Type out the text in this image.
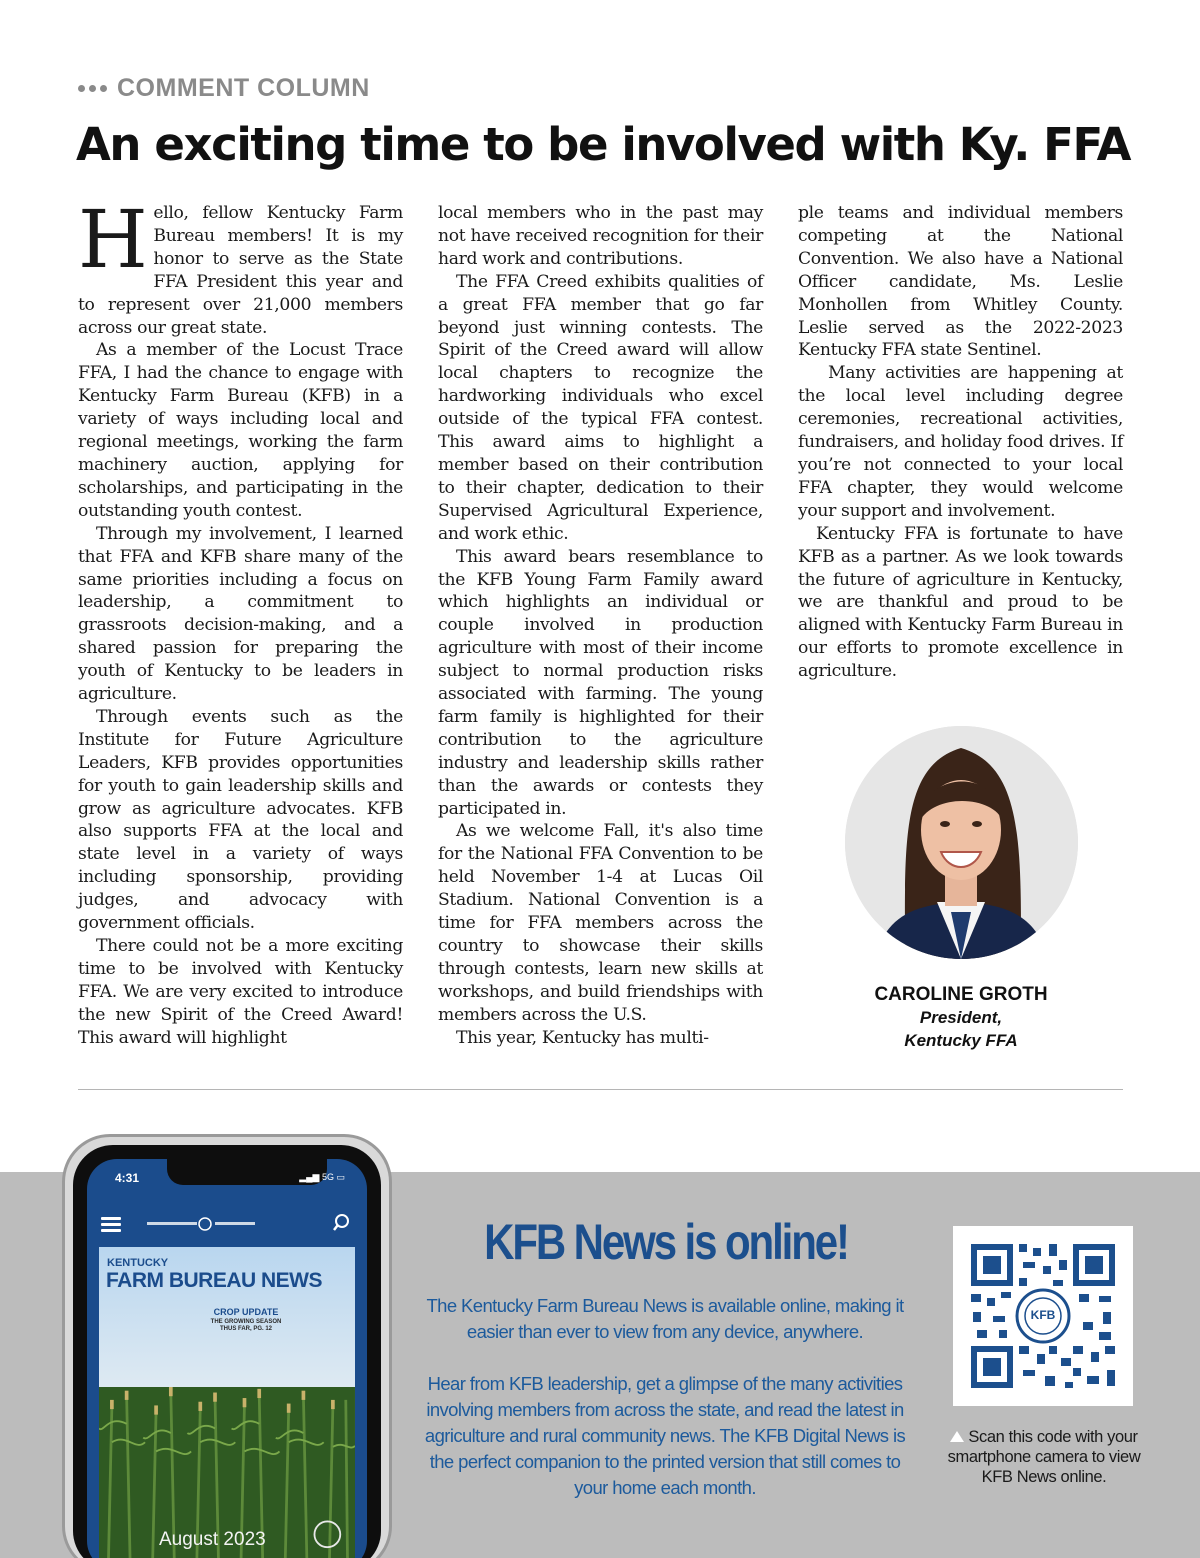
COMMENT COLUMN
An exciting time to be involved with Ky. FFA

Hello, fellow Kentucky Farm Bureau members! It is my honor to serve as the State FFA President this year and to represent over 21,000 members across our great state.

As a member of the Locust Trace FFA, I had the chance to engage with Kentucky Farm Bureau (KFB) in a variety of ways including local and regional meetings, working the farm machinery auction, applying for scholarships, and participating in the outstanding youth contest.

Through my involvement, I learned that FFA and KFB share many of the same priorities including a focus on leadership, a commitment to grassroots decision-making, and a shared passion for preparing the youth of Kentucky to be leaders in agriculture.

Through events such as the Institute for Future Agriculture Leaders, KFB provides opportunities for youth to gain leadership skills and grow as agriculture advocates. KFB also supports FFA at the local and state level in a variety of ways including sponsorship, providing judges, and advocacy with government officials.

There could not be a more exciting time to be involved with Kentucky FFA. We are very excited to introduce the new Spirit of the Creed Award! This award will highlight

local members who in the past may not have received recognition for their hard work and contributions.

The FFA Creed exhibits qualities of a great FFA member that go far beyond just winning contests. The Spirit of the Creed award will allow local chapters to recognize the hardworking individuals who excel outside of the typical FFA contest. This award aims to highlight a member based on their contribution to their chapter, dedication to their Supervised Agricultural Experience, and work ethic.

This award bears resemblance to the KFB Young Farm Family award which highlights an individual or couple involved in production agriculture with most of their income subject to normal production risks associated with farming. The young farm family is highlighted for their contribution to the agriculture industry and leadership skills rather than the awards or contests they participated in.

As we welcome Fall, it's also time for the National FFA Convention to be held November 1-4 at Lucas Oil Stadium. National Convention is a time for FFA members across the country to showcase their skills through contests, learn new skills at workshops, and build friendships with members across the U.S.

This year, Kentucky has multi-

ple teams and individual members competing at the National Convention. We also have a National Officer candidate, Ms. Leslie Monhollen from Whitley County. Leslie served as the 2022-2023 Kentucky FFA state Sentinel.

Many activities are happening at the local level including degree ceremonies, recreational activities, fundraisers, and holiday food drives. If you’re not connected to your local FFA chapter, they would welcome your support and involvement.

Kentucky FFA is fortunate to have KFB as a partner. As we look towards the future of agriculture in Kentucky, we are thankful and proud to be aligned with Kentucky Farm Bureau in our efforts to promote excellence in agriculture.

CAROLINE GROTH
President,
Kentucky FFA
4:31	▂▄▆ 5G ▭
KENTUCKY
FARM BUREAU NEWS
CROP UPDATE
THE GROWING SEASON THUS FAR, PG. 12
August 2023
KFB News is online!

The Kentucky Farm Bureau News is available online, making it easier than ever to view from any device, anywhere.

Hear from KFB leadership, get a glimpse of the many activities involving members from across the state, and read the latest in agriculture and rural community news. The KFB Digital News is the perfect companion to the printed version that still comes to your home each month.

KFB
Scan this code with your smartphone camera to view KFB News online.
